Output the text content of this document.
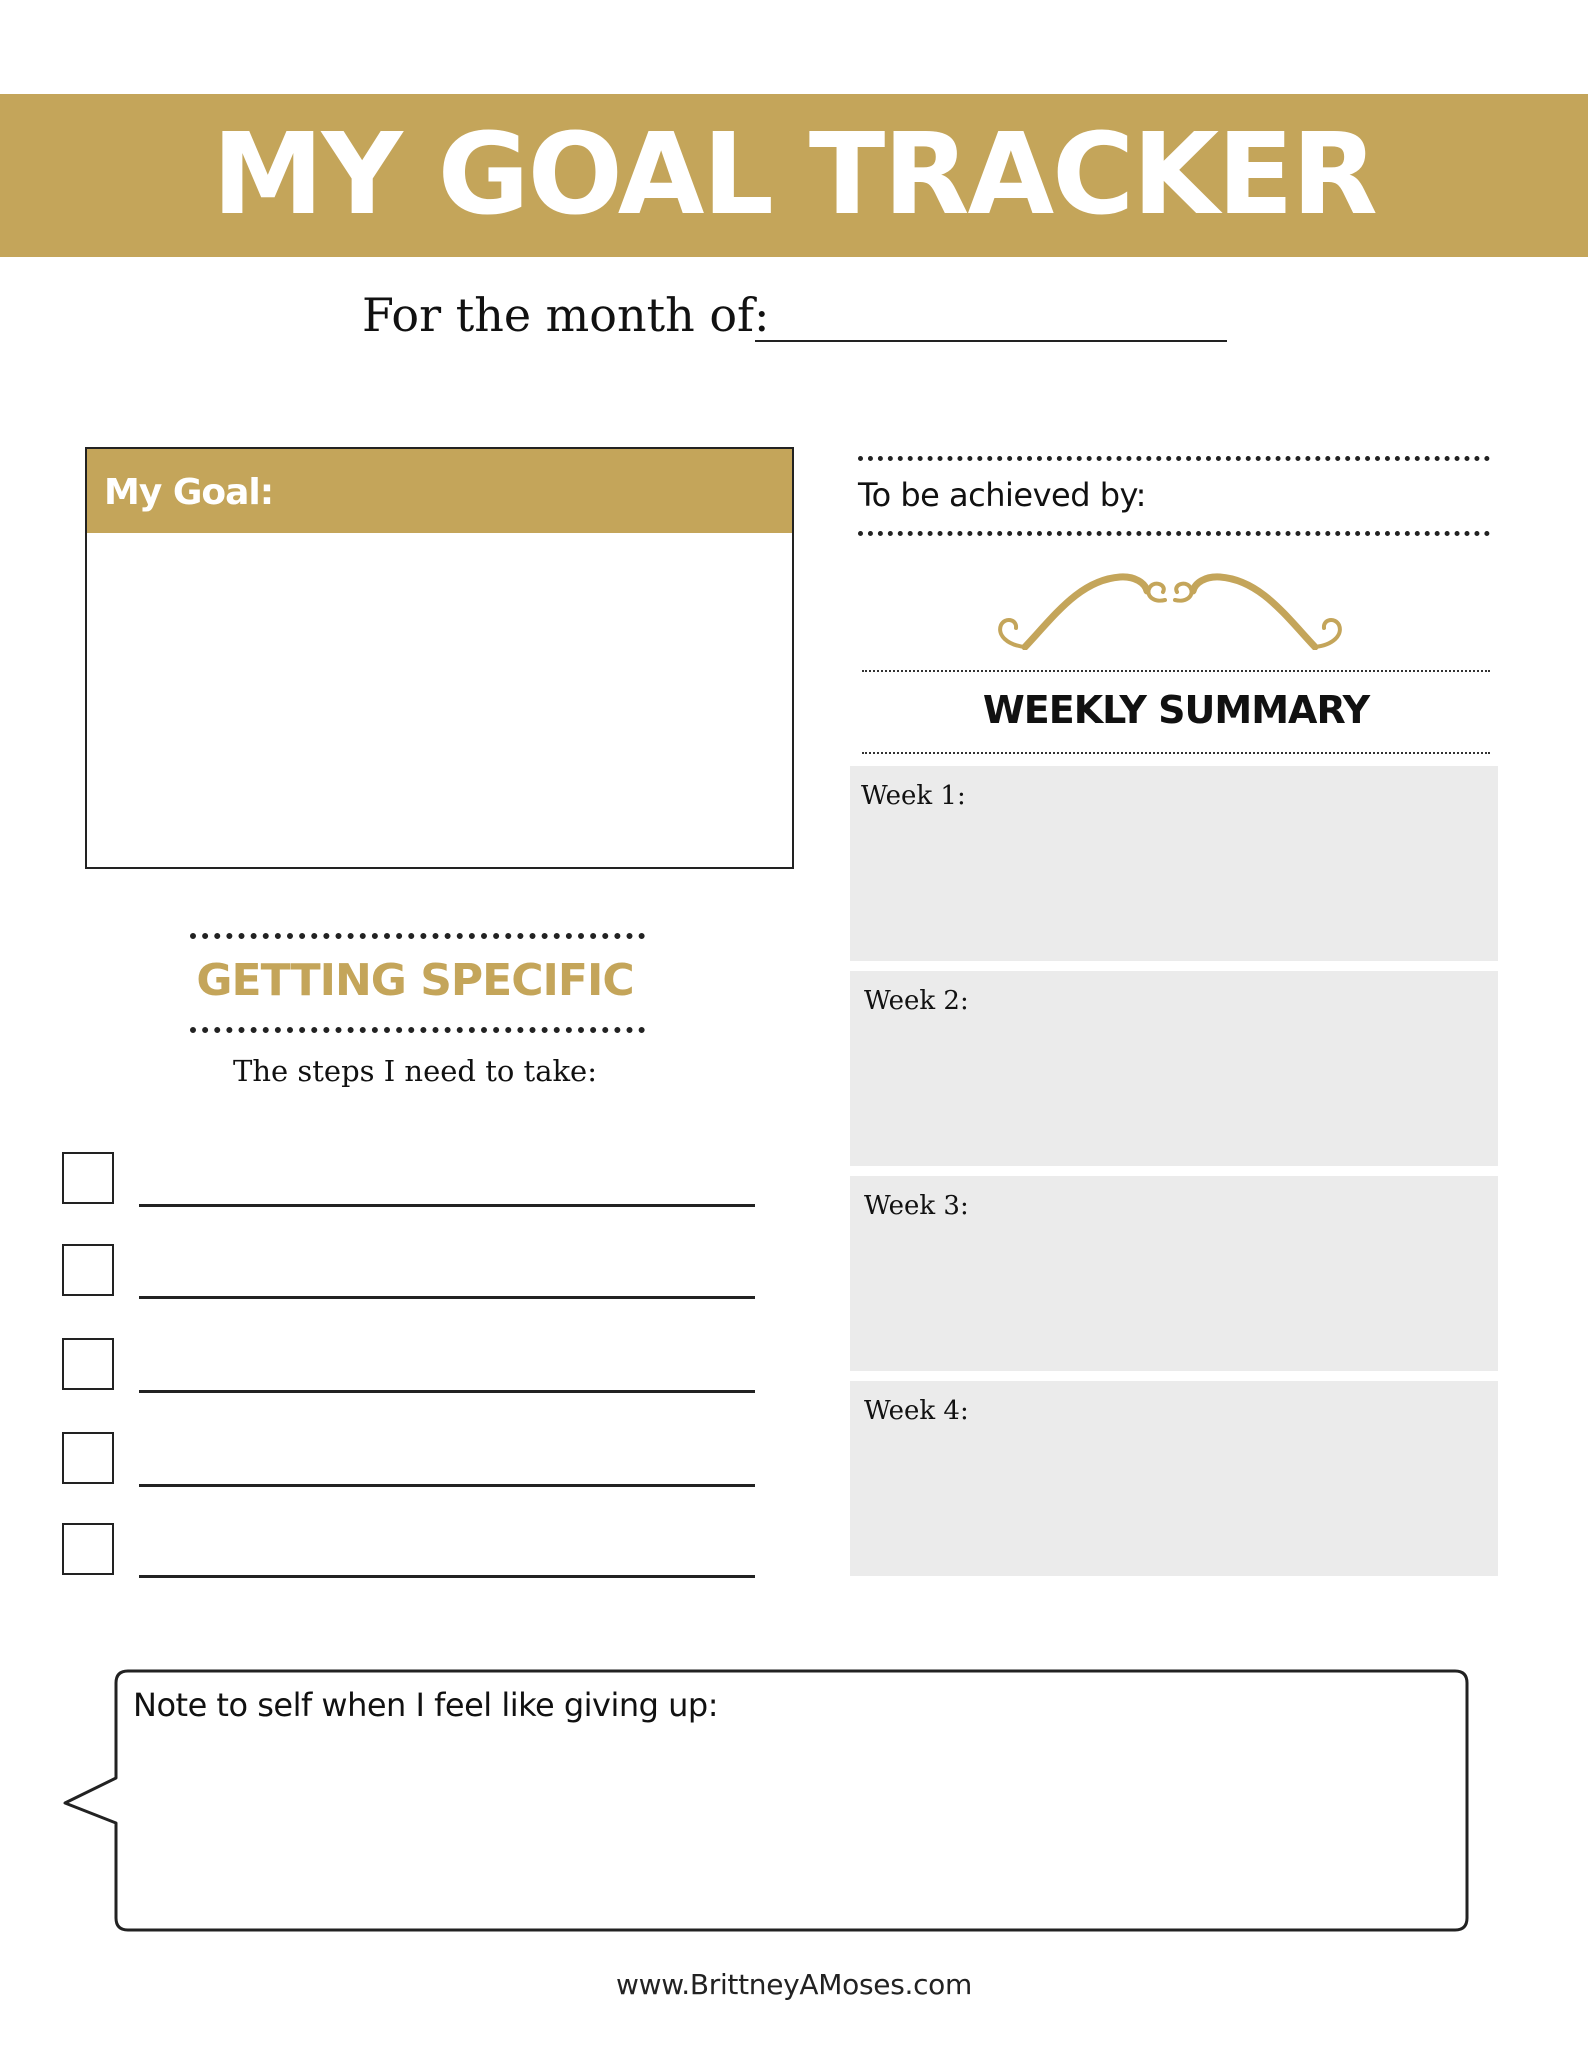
MY GOAL TRACKER
For the month of:
My Goal:
GETTING SPECIFIC
The steps I need to take:
To be achieved by:
WEEKLY SUMMARY
Week 1:
Week 2:
Week 3:
Week 4:
Note to self when I feel like giving up:
www.BrittneyAMoses.com
